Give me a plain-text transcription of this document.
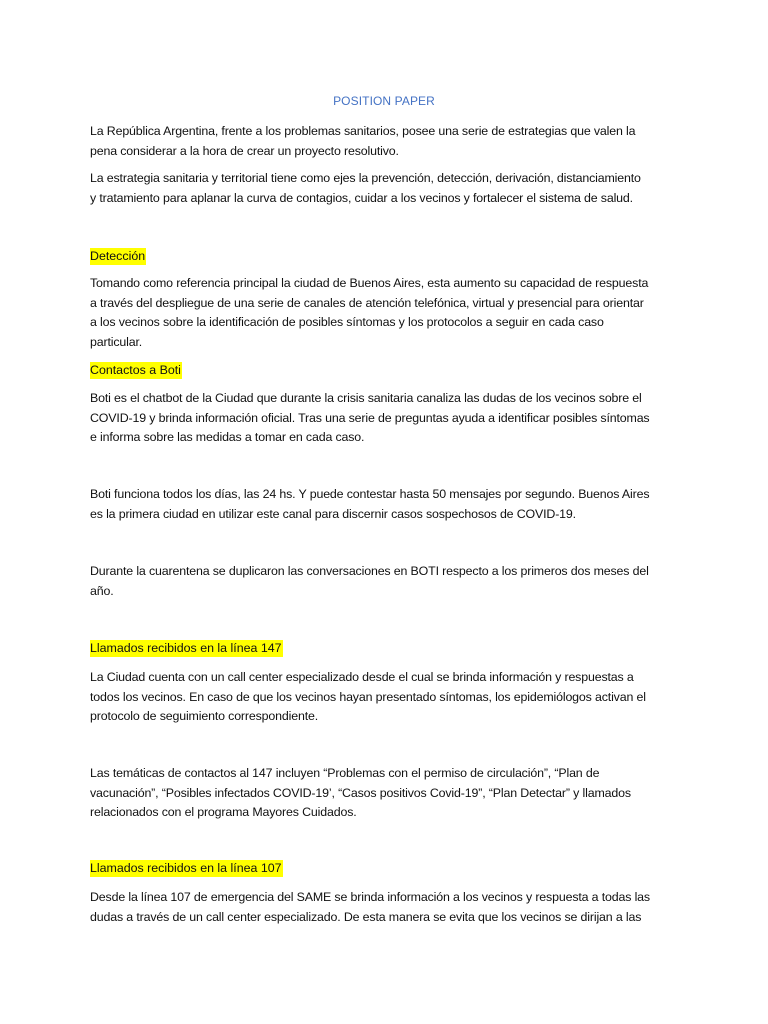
POSITION PAPER
La República Argentina, frente a los problemas sanitarios, posee una serie de estrategias que valen la
pena considerar a la hora de crear un proyecto resolutivo.
La estrategia sanitaria y territorial tiene como ejes la prevención, detección, derivación, distanciamiento
y tratamiento para aplanar la curva de contagios, cuidar a los vecinos y fortalecer el sistema de salud.
Detección
Tomando como referencia principal la ciudad de Buenos Aires, esta aumento su capacidad de respuesta
a través del despliegue de una serie de canales de atención telefónica, virtual y presencial para orientar
a los vecinos sobre la identificación de posibles síntomas y los protocolos a seguir en cada caso
particular.
Contactos a Boti
Boti es el chatbot de la Ciudad que durante la crisis sanitaria canaliza las dudas de los vecinos sobre el
COVID-19 y brinda información oficial. Tras una serie de preguntas ayuda a identificar posibles síntomas
e informa sobre las medidas a tomar en cada caso.
Boti funciona todos los días, las 24 hs. Y puede contestar hasta 50 mensajes por segundo. Buenos Aires
es la primera ciudad en utilizar este canal para discernir casos sospechosos de COVID-19.
Durante la cuarentena se duplicaron las conversaciones en BOTI respecto a los primeros dos meses del
año.
Llamados recibidos en la línea 147
La Ciudad cuenta con un call center especializado desde el cual se brinda información y respuestas a
todos los vecinos. En caso de que los vecinos hayan presentado síntomas, los epidemiólogos activan el
protocolo de seguimiento correspondiente.
Las temáticas de contactos al 147 incluyen “Problemas con el permiso de circulación”, “Plan de
vacunación”, “Posibles infectados COVID-19’, “Casos positivos Covid-19”, “Plan Detectar” y llamados
relacionados con el programa Mayores Cuidados.
Llamados recibidos en la línea 107
Desde la línea 107 de emergencia del SAME se brinda información a los vecinos y respuesta a todas las
dudas a través de un call center especializado. De esta manera se evita que los vecinos se dirijan a las
